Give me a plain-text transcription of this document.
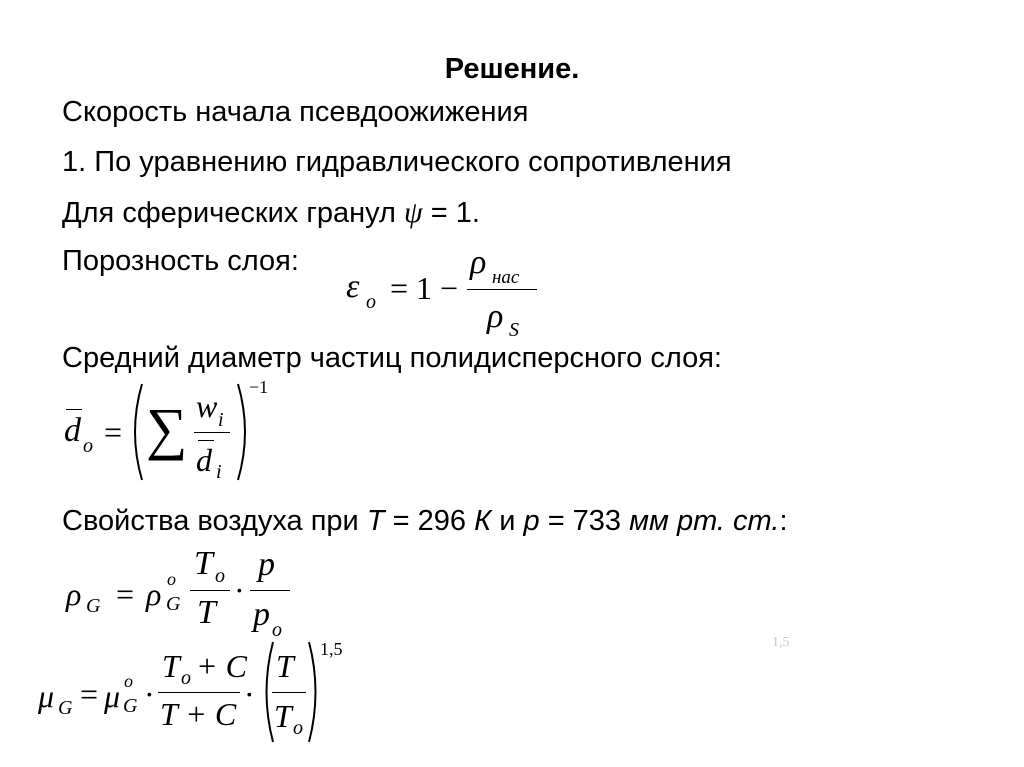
Решение.
Скорость начала псевдоожижения
1. По уравнению гидравлического сопротивления
Для сферических гранул ψ = 1.
Порозность слоя:
Средний диаметр частиц полидисперсного слоя:
Свойства воздуха при T = 296 К и p = 733 мм рт. ст.:
ε o = 1 −
ρ нас
ρ S
d o = ∑ w i
d i
−1
ρ G = ρ o
G
T o
T
·
p
p o
1,5
μ G = μ o
G ·
T o + C
T + C
·
T
T o
1,5
